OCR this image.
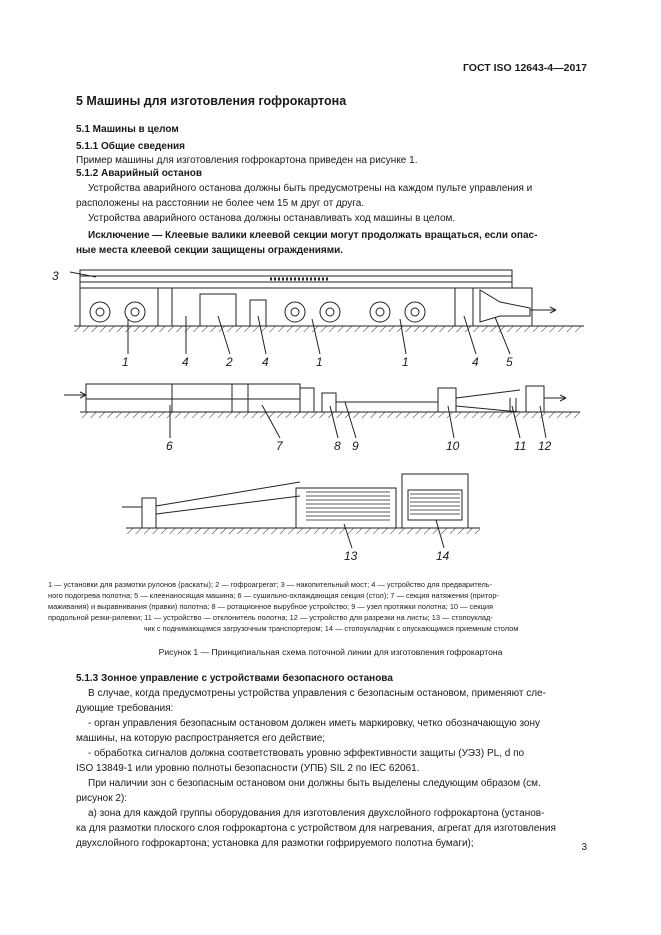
ГОСТ ISO 12643-4—2017
5 Машины для изготовления гофрокартона
5.1 Машины в целом
5.1.1 Общие сведения
Пример машины для изготовления гофрокартона приведен на рисунке 1.
5.1.2 Аварийный останов
Устройства аварийного останова должны быть предусмотрены на каждом пульте управления и
расположены на расстоянии не более чем 15 м друг от друга.
Устройства аварийного останова должны останавливать ход машины в целом.
Исключение — Клеевые валики клеевой секции могут продолжать вращаться, если опас-
ные места клеевой секции защищены ограждениями.
3
1	4	2 4	1	1	4 5
6	7	8 9	10	11 12
13	14
1 — установки для размотки рулонов (раскаты); 2 — гофроагрегат; 3 — накопительный мост; 4 — устройство для предваритель-
ного подогрева полотна; 5 — клеенаносящая машина; 6 — сушильно-охлаждающая секция (стол); 7 — секция натяжения (притор-
маживания) и выравнивания (правки) полотна; 8 — ротационное вырубное устройство; 9 — узел протяжки полотна; 10 — секция
продольной резки-рилевки; 11 — устройство — отклонитель полотна; 12 — устройство для разрезки на листы; 13 — стопоуклад-
чик с поднимающимся загрузочным транспортером; 14 — стопоукладчик с опускающимся приемным столом
Рисунок 1 — Принципиальная схема поточной линии для изготовления гофрокартона
5.1.3 Зонное управление с устройствами безопасного останова
В случае, когда предусмотрены устройства управления с безопасным остановом, применяют сле-
дующие требования:
- орган управления безопасным остановом должен иметь маркировку, четко обозначающую зону
машины, на которую распространяется его действие;
- обработка сигналов должна соответствовать уровню эффективности защиты (УЭЗ) PL, d по
ISO 13849-1 или уровню полноты безопасности (УПБ) SIL 2 по IEC 62061.
При наличии зон с безопасным остановом они должны быть выделены следующим образом (см.
рисунок 2):
а) зона для каждой группы оборудования для изготовления двухслойного гофрокартона (установ-
ка для размотки плоского слоя гофрокартона с устройством для нагревания, агрегат для изготовления
двухслойного гофрокартона; установка для размотки гофрируемого полотна бумаги);	3
